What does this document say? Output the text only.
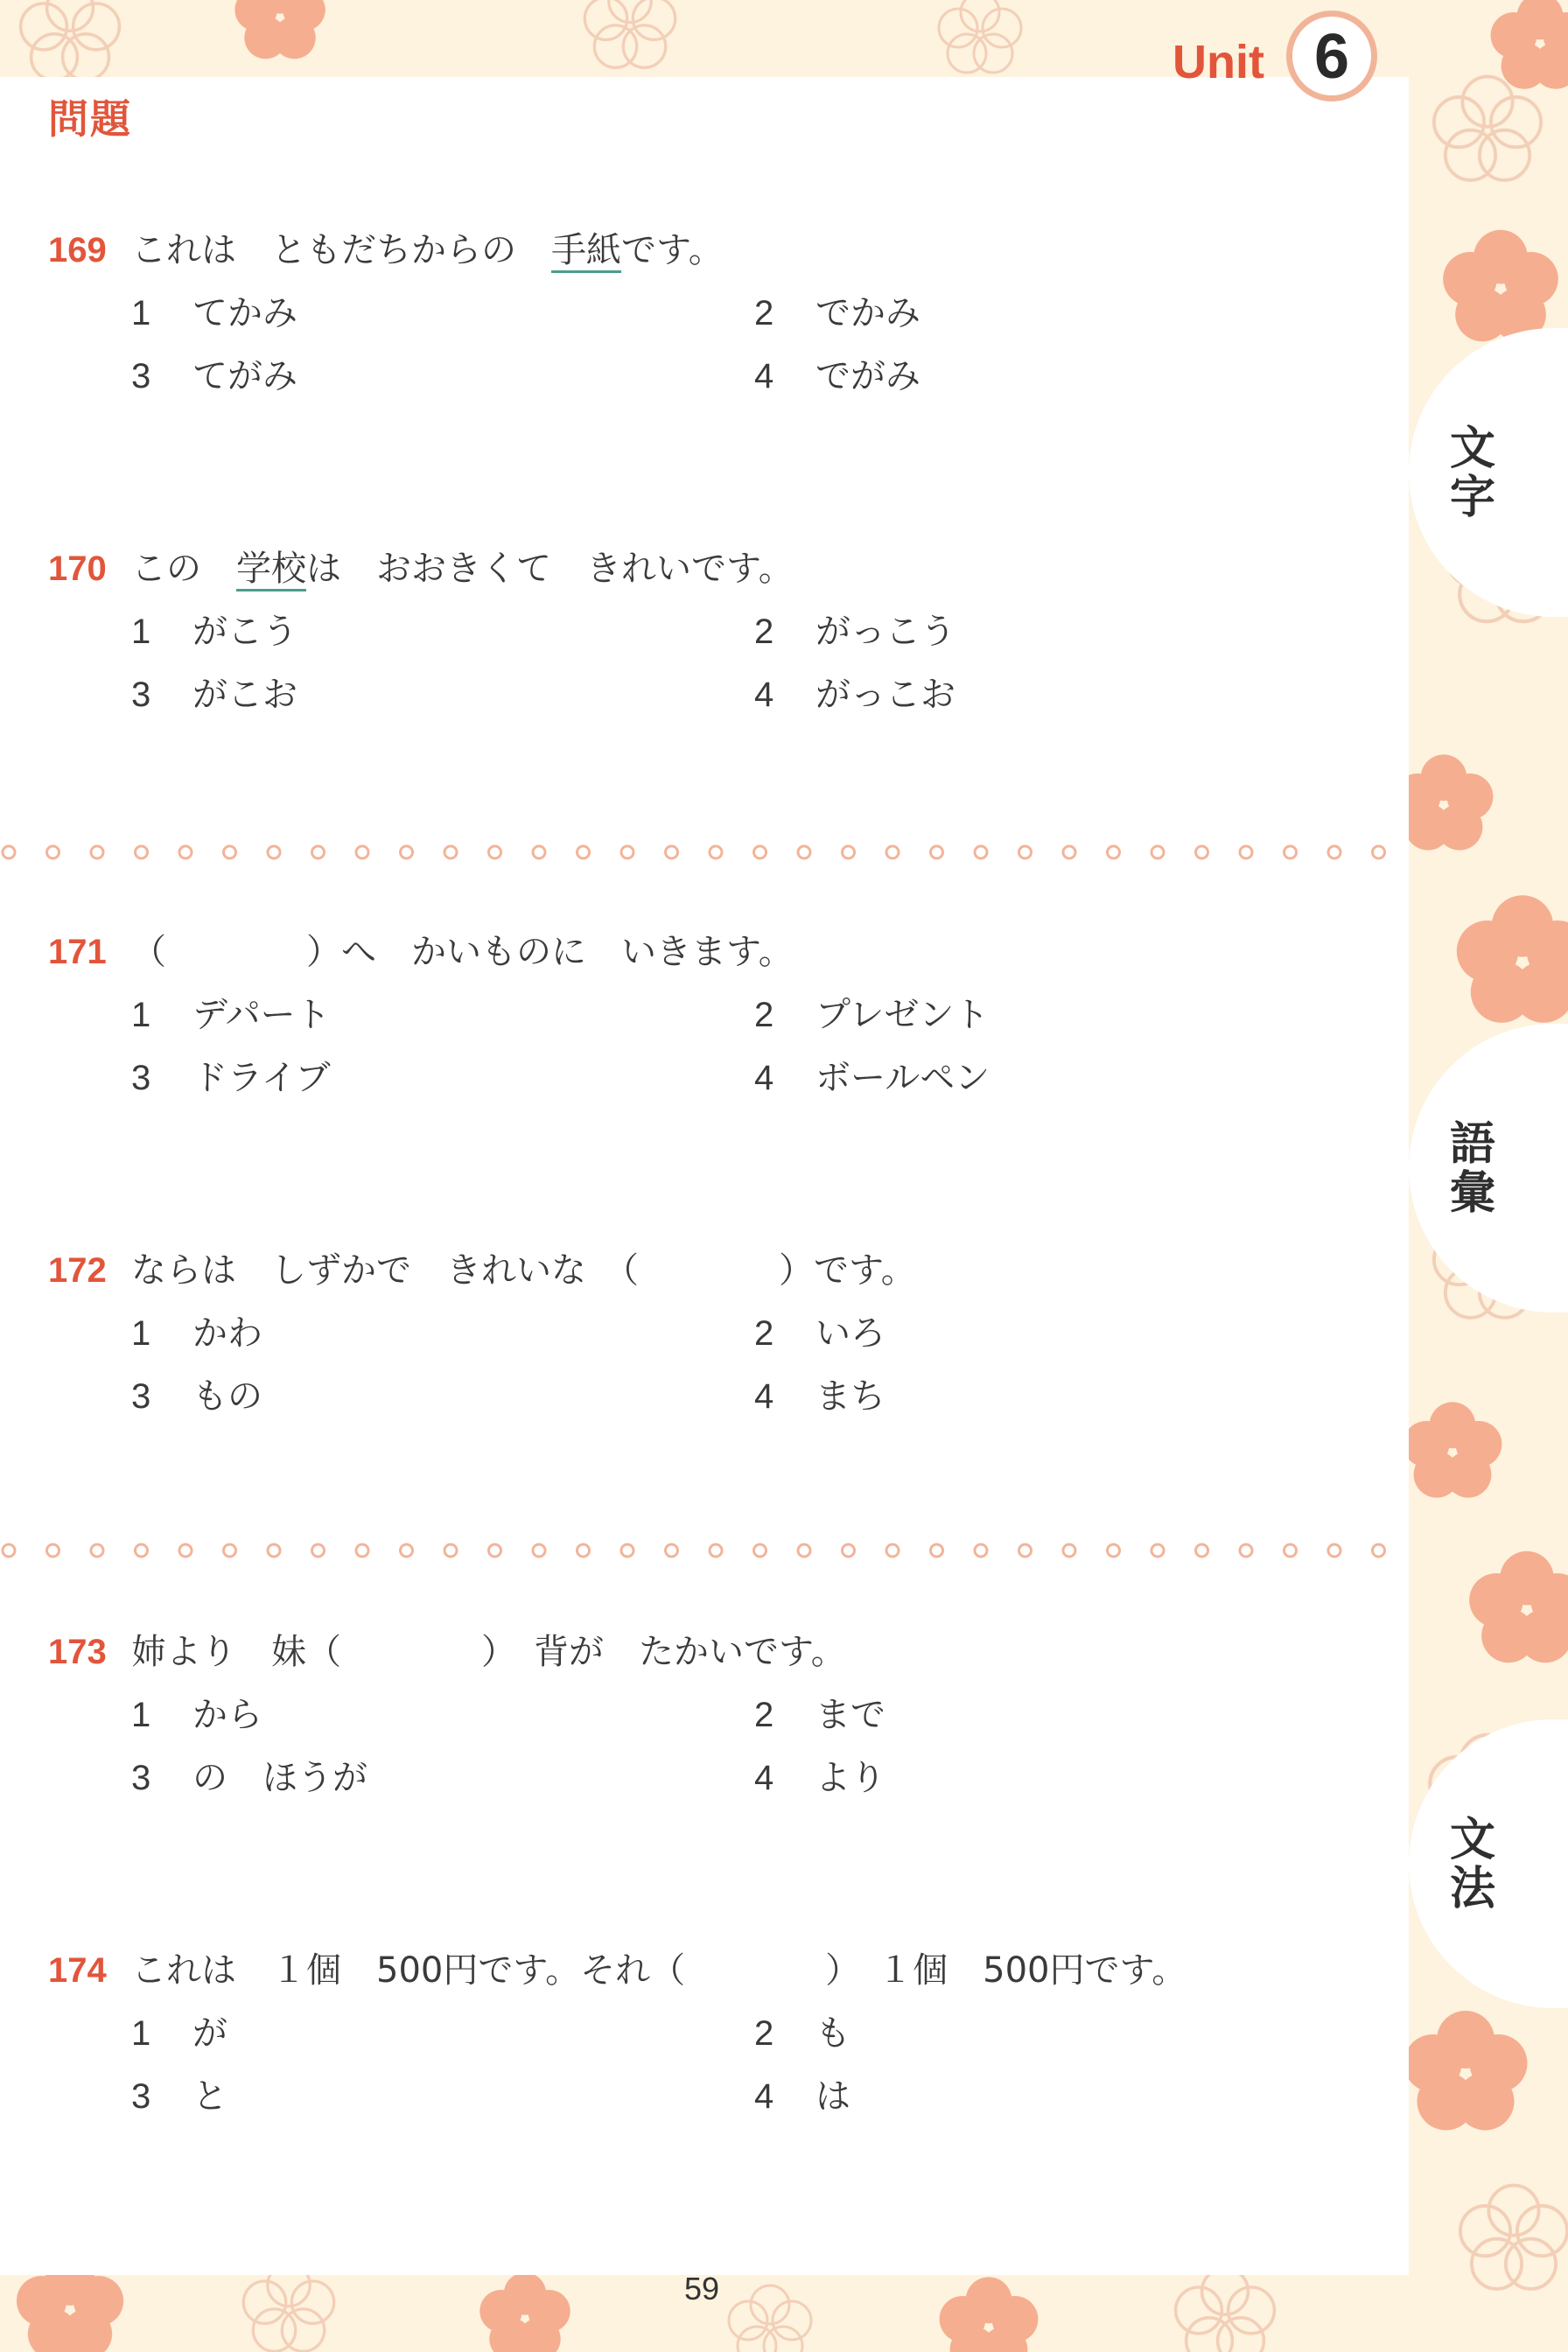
Unit 6
問題
169 これは　ともだちからの　手紙です。
1 てかみ	2 でかみ
3 てがみ	4 でがみ
170 この　学校は　おおきくて　きれいです。
1 がこう	2 がっこう
3 がこお	4 がっこお
171 （　　　　）へ　かいものに　いきます。
1 デパート	2 プレゼント
3 ドライブ	4 ボールペン
172 ならは　しずかで　きれいな　（　　　　）です。
1 かわ	2 いろ
3 もの	4 まち
173 姉より　妹（　　　　）　背が　たかいです。
1 から	2 まで
3 の　ほうが	4 より
174 これは　１個　500円です。それ（　　　　）　１個　500円です。
1 が	2 も
3 と	4 は
文
字
語
彙
文
法
59
